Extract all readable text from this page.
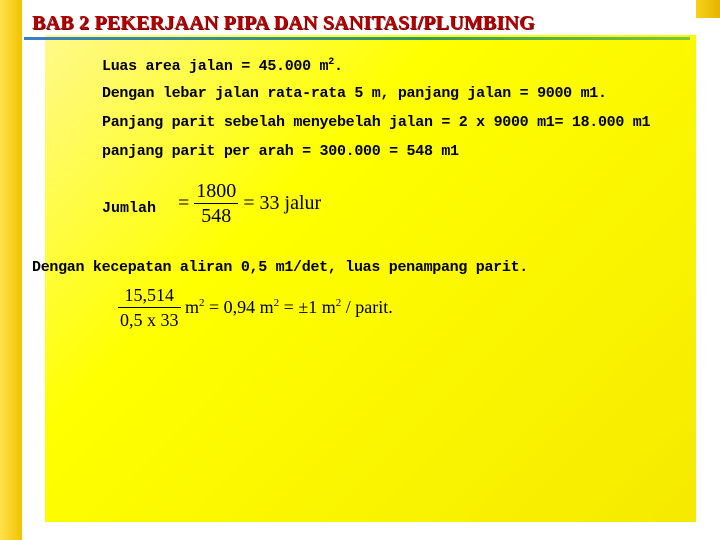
BAB 2 PEKERJAAN PIPA DAN SANITASI/PLUMBING
Luas area jalan = 45.000 $m^2$.
Dengan lebar jalan rata-rata 5 m, panjang jalan = 9000 m1.
Panjang parit sebelah menyebelah jalan = 2 x 9000 m1= 18.000 m1
panjang parit per arah = 300.000 = 548 m1
Jumlah = $\frac{1800}{548} = 33$ jalur
Dengan kecepatan aliran 0,5 m1/det, luas penampang parit.
$\frac{15,514}{0,5 x 33} m^2 = 0,94$ $m^2 = \pm 1$ $m^2$ / parit.
